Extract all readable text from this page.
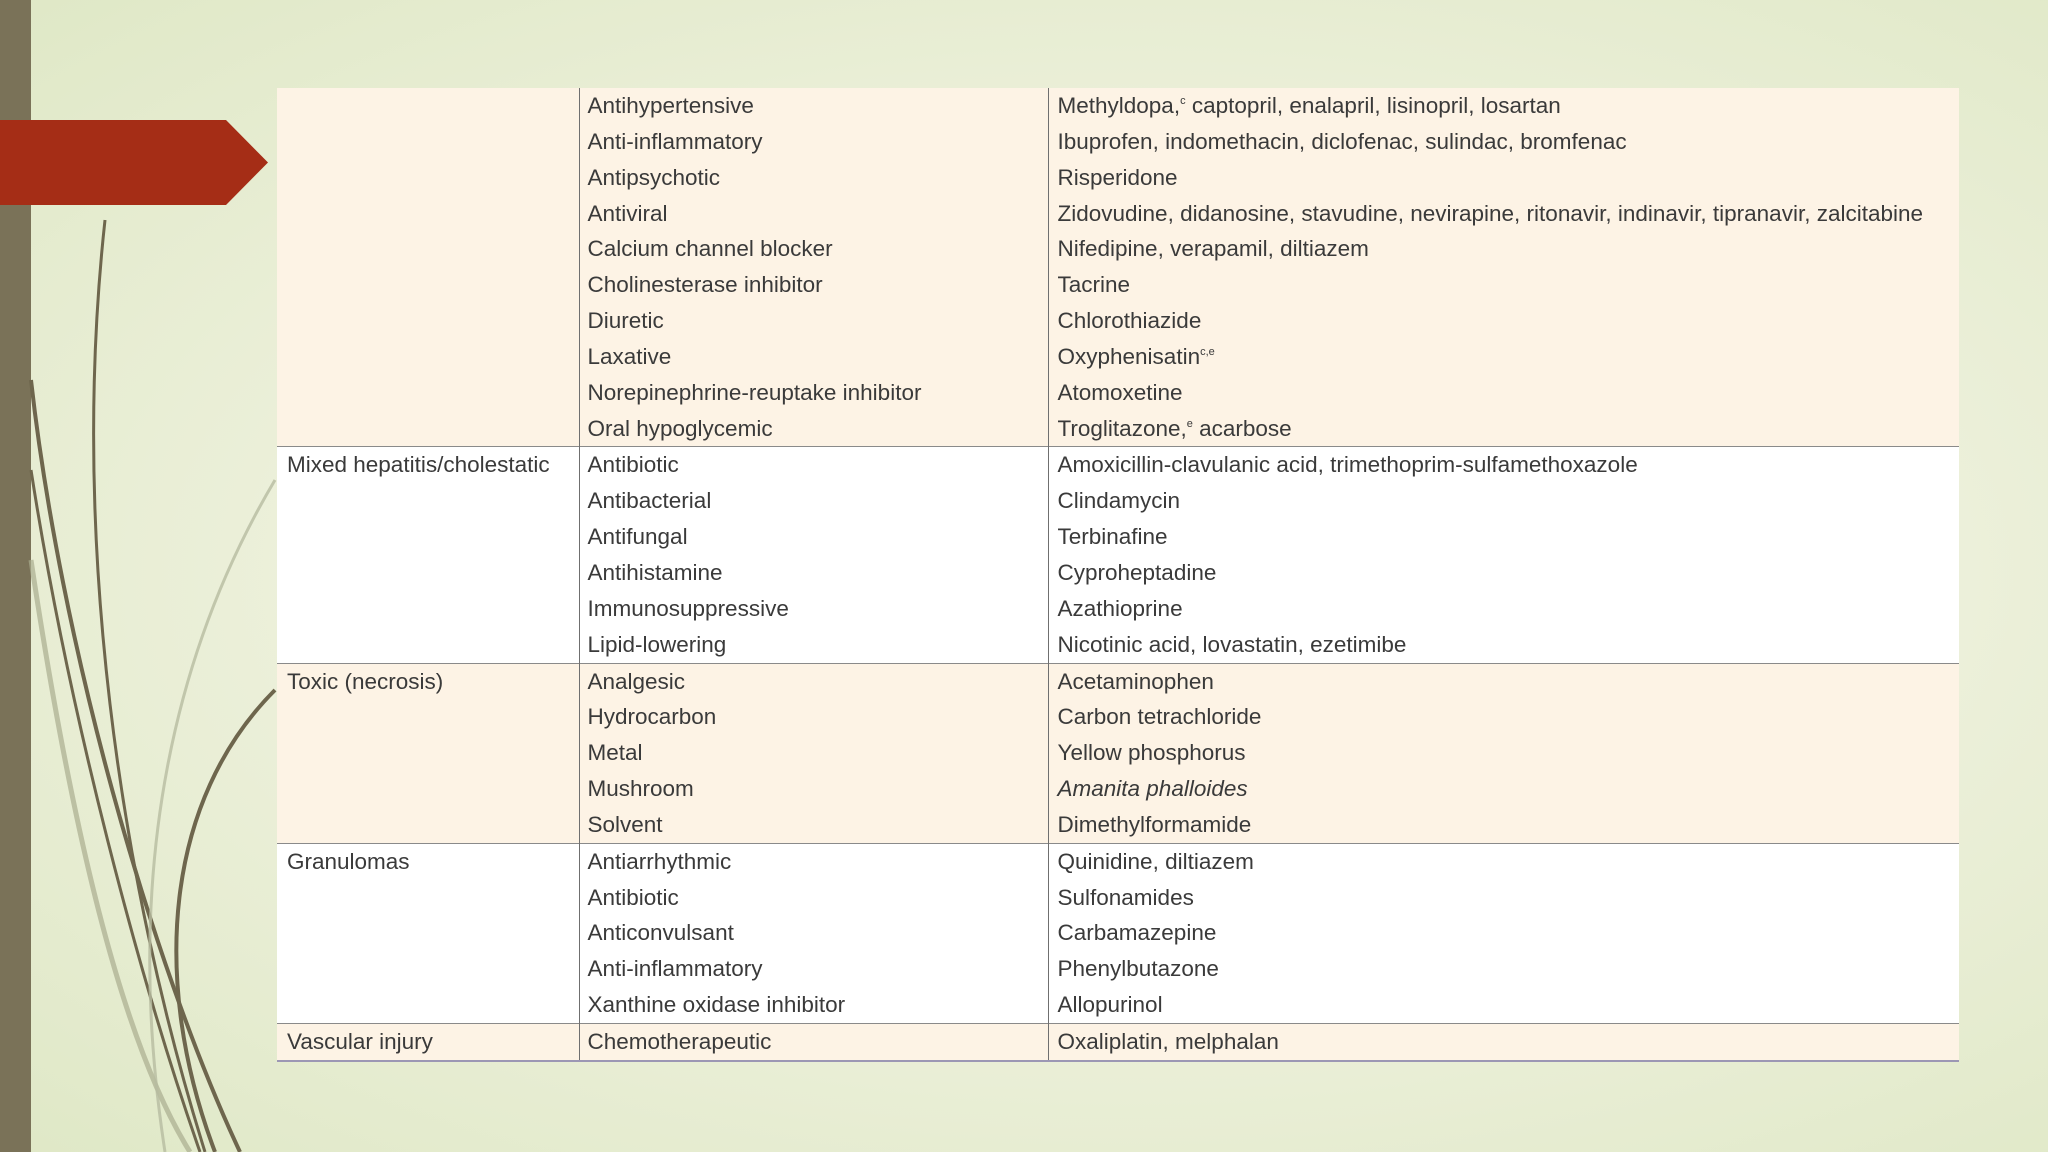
	Antihypertensive	Methyldopa,$^c$ captopril, enalapril, lisinopril, losartan
	Anti-inflammatory	Ibuprofen, indomethacin, diclofenac, sulindac, bromfenac
	Antipsychotic	Risperidone
	Antiviral	Zidovudine, didanosine, stavudine, nevirapine, ritonavir, indinavir, tipranavir, zalcitabine
	Calcium channel blocker	Nifedipine, verapamil, diltiazem
	Cholinesterase inhibitor	Tacrine
	Diuretic	Chlorothiazide
	Laxative	Oxyphenisatin$^{c,e}$
	Norepinephrine-reuptake inhibitor	Atomoxetine
	Oral hypoglycemic	Troglitazone,$^e$ acarbose
Mixed hepatitis/cholestatic	Antibiotic	Amoxicillin-clavulanic acid, trimethoprim-sulfamethoxazole
	Antibacterial	Clindamycin
	Antifungal	Terbinafine
	Antihistamine	Cyproheptadine
	Immunosuppressive	Azathioprine
	Lipid-lowering	Nicotinic acid, lovastatin, ezetimibe
Toxic (necrosis)	Analgesic	Acetaminophen
	Hydrocarbon	Carbon tetrachloride
	Metal	Yellow phosphorus
	Mushroom	Amanita phalloides
	Solvent	Dimethylformamide
Granulomas	Antiarrhythmic	Quinidine, diltiazem
	Antibiotic	Sulfonamides
	Anticonvulsant	Carbamazepine
	Anti-inflammatory	Phenylbutazone
	Xanthine oxidase inhibitor	Allopurinol
Vascular injury	Chemotherapeutic	Oxaliplatin, melphalan
